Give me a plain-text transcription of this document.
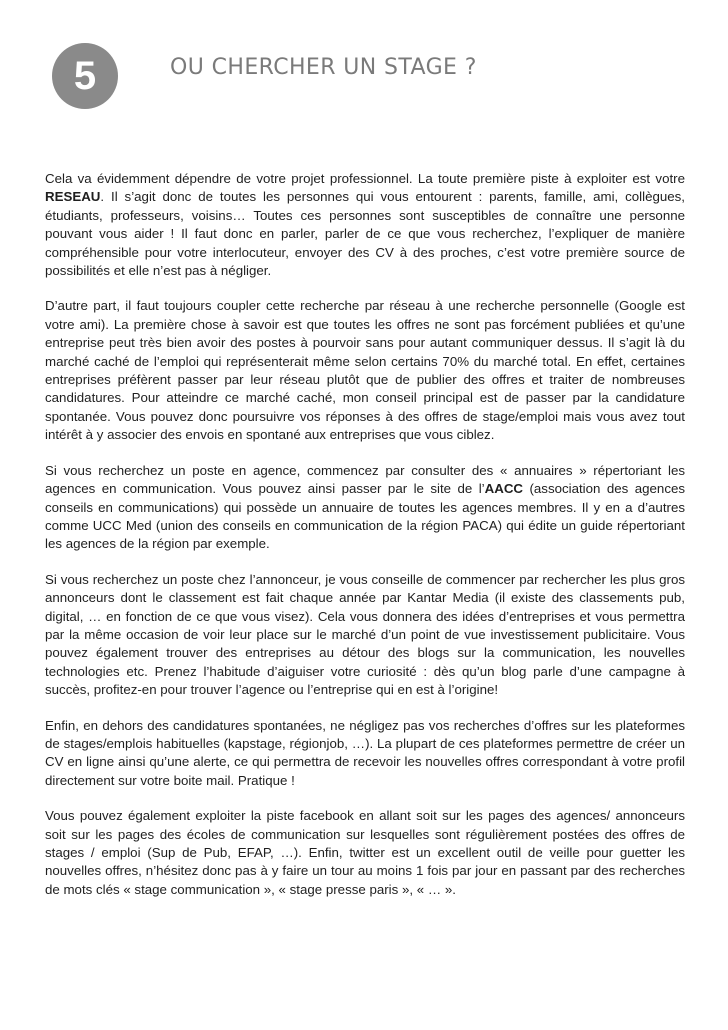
5	OU CHERCHER UN STAGE ?

Cela va évidemment dépendre de votre projet professionnel. La toute première piste à exploiter est votre RESEAU. Il s’agit donc de toutes les personnes qui vous entourent : parents, famille, ami, collègues, étudiants, professeurs, voisins… Toutes ces personnes sont susceptibles de connaître une personne pouvant vous aider ! Il faut donc en parler, parler de ce que vous recherchez, l’expliquer de manière compréhensible pour votre interlocuteur, envoyer des CV à des proches, c’est votre première source de possibilités et elle n’est pas à négliger.

D’autre part, il faut toujours coupler cette recherche par réseau à une recherche personnelle (Google est votre ami). La première chose à savoir est que toutes les offres ne sont pas forcément publiées et qu’une entreprise peut très bien avoir des postes à pourvoir sans pour autant communiquer dessus. Il s’agit là du marché caché de l’emploi qui représenterait même selon certains 70% du marché total. En effet, certaines entreprises préfèrent passer par leur réseau plutôt que de publier des offres et traiter de nombreuses candidatures. Pour atteindre ce marché caché, mon conseil principal est de passer par la candidature spontanée. Vous pouvez donc poursuivre vos réponses à des offres de stage/emploi mais vous avez tout intérêt à y associer des envois en spontané aux entreprises que vous ciblez.

Si vous recherchez un poste en agence, commencez par consulter des « annuaires » répertoriant les agences en communication. Vous pouvez ainsi passer par le site de l’AACC (association des agences conseils en communications) qui possède un annuaire de toutes les agences membres. Il y en a d’autres comme UCC Med (union des conseils en communication de la région PACA) qui édite un guide répertoriant les agences de la région par exemple.

Si vous recherchez un poste chez l’annonceur, je vous conseille de commencer par rechercher les plus gros annonceurs dont le classement est fait chaque année par Kantar Media (il existe des classements pub, digital, … en fonction de ce que vous visez). Cela vous donnera des idées d’entreprises et vous permettra par la même occasion de voir leur place sur le marché d’un point de vue investissement publicitaire. Vous pouvez également trouver des entreprises au détour des blogs sur la communication, les nouvelles technologies etc. Prenez l’habitude d’aiguiser votre curiosité : dès qu’un blog parle d’une campagne à succès, profitez-en pour trouver l’agence ou l’entreprise qui en est à l’origine!

Enfin, en dehors des candidatures spontanées, ne négligez pas vos recherches d’offres sur les plateformes de stages/emplois habituelles (kapstage, régionjob, …). La plupart de ces plateformes permettre de créer un CV en ligne ainsi qu’une alerte, ce qui permettra de recevoir les nouvelles offres correspondant à votre profil directement sur votre boite mail. Pratique !

Vous pouvez également exploiter la piste facebook en allant soit sur les pages des agences/ annonceurs soit sur les pages des écoles de communication sur lesquelles sont régulièrement postées des offres de stages / emploi (Sup de Pub, EFAP, …). Enfin, twitter est un excellent outil de veille pour guetter les nouvelles offres, n’hésitez donc pas à y faire un tour au moins 1 fois par jour en passant par des recherches de mots clés « stage communication », « stage presse paris », « … ».
